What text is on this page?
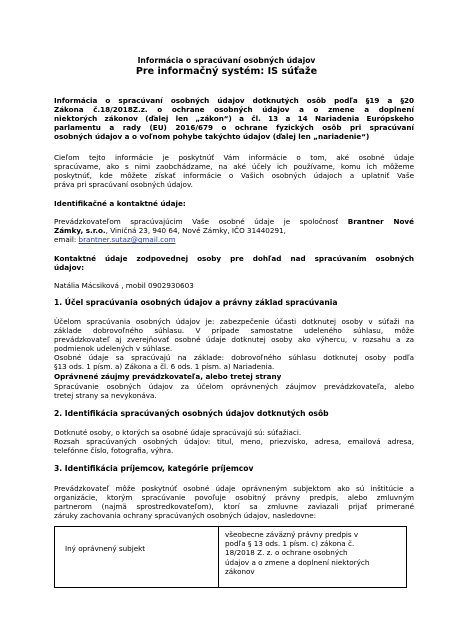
Informácia o spracúvaní osobných údajov
Pre informačný systém: IS súťaže
Informácia o spracúvaní osobných údajov dotknutých osôb podľa §19 a §20
Zákona č.18/2018Z.z. o ochrane osobných údajov a o zmene a doplnení
niektorých zákonov (ďalej len „zákon“) a čl. 13 a 14 Nariadenia Európskeho
parlamentu a rady (EU) 2016/679 o ochrane fyzických osôb pri spracúvaní
osobných údajov a o voľnom pohybe takýchto údajov (ďalej len „nariadenie“)
Cieľom tejto informácie je poskytnúť Vám informácie o tom, aké osobné údaje
spracúvame, ako s nimi zaobchádzame, na aké účely ich používame, komu ich môžeme
poskytnúť, kde môžete získať informácie o Vašich osobných údajoch a uplatniť Vaše
práva pri spracúvaní osobných údajov.
Identifikačné a kontaktné údaje:
Prevádzkovateľom spracúvajúcim Vaše osobné údaje je spoločnosť Brantner Nové
Zámky, s.r.o., Viničná 23, 940 64, Nové Zámky, IČO 31440291,
email: brantner.sutaz@gmail.com
Kontaktné údaje zodpovednej osoby pre dohľad nad spracúvaním osobných
údajov:
Natália Mácsiková , mobil 0902930603
1. Účel spracúvania osobných údajov a právny základ spracúvania
Účelom spracúvania osobných údajov je: zabezpečenie účasti dotknutej osoby v súťaži na
základe dobrovoľného súhlasu. V prípade samostatne udeleného súhlasu, môže
prevádzkovateľ aj zverejňovať osobné údaje dotknutej osoby ako výhercu, v rozsahu a za
podmienok udelených v súhlase.
Osobné údaje sa spracúvajú na základe: dobrovoľného súhlasu dotknutej osoby podľa
§13 ods. 1 písm. a) Zákona a čl. 6 ods. 1 písm. a) Nariadenia.
Oprávnené záujmy prevádzkovateľa, alebo tretej strany
Spracúvanie osobných údajov za účelom oprávnených záujmov prevádzkovateľa, alebo
tretej strany sa nevykonáva.
2. Identifikácia spracúvaných osobných údajov dotknutých osôb
Dotknuté osoby, o ktorých sa osobné údaje spracúvajú sú: súťažiaci.
Rozsah spracúvaných osobných údajov: titul, meno, priezvisko, adresa, emailová adresa,
telefónne číslo, fotografia, výhra.
3. Identifikácia príjemcov, kategórie príjemcov
Prevádzkovateľ môže poskytnúť osobné údaje oprávneným subjektom ako sú inštitúcie a
organizácie, ktorým spracúvanie povoľuje osobitný právny predpis, alebo zmluvným
partnerom (najmä sprostredkovateľom), ktorí sa zmluvne zaviazali prijať primerané
záruky zachovania ochrany spracúvaných osobných údajov, nasledovne:
Iný oprávnený subjekt
všeobecne záväzný právny predpis v
podľa § 13 ods. 1 písm. c) zákona č.
18/2018 Z. z. o ochrane osobných
údajov a o zmene a doplnení niektorých
zákonov
